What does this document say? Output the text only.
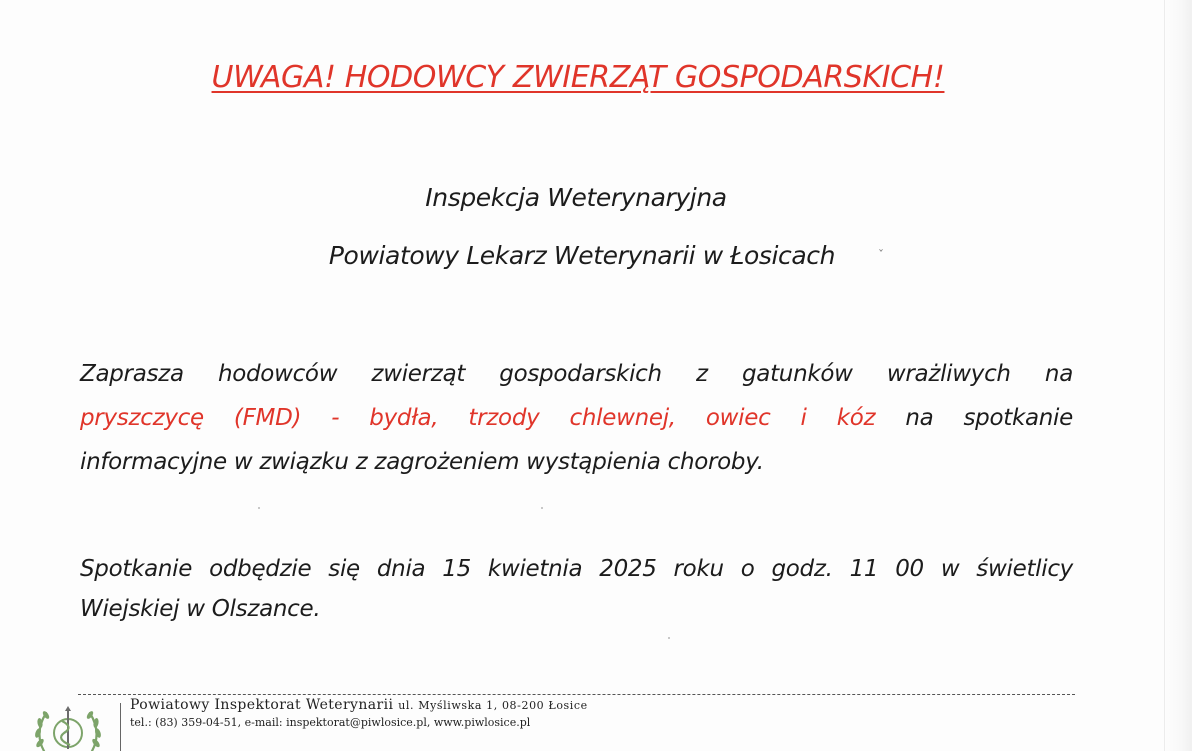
UWAGA! HODOWCY ZWIERZĄT GOSPODARSKICH!
Inspekcja Weterynaryjna
Powiatowy Lekarz Weterynarii w Łosicach	ˇ
Zaprasza hodowców zwierząt gospodarskich z gatunków wrażliwych na
pryszczycę (FMD) - bydła, trzody chlewnej, owiec i kóz na spotkanie
informacyjne w związku z zagrożeniem wystąpienia choroby.
Spotkanie odbędzie się dnia 15 kwietnia 2025 roku o godz. 11 00 w świetlicy
Wiejskiej w Olszance.
Powiatowy Inspektorat Weterynarii ul. Myśliwska 1, 08-200 Łosice
tel.: (83) 359-04-51, e-mail: inspektorat@piwlosice.pl, www.piwlosice.pl
